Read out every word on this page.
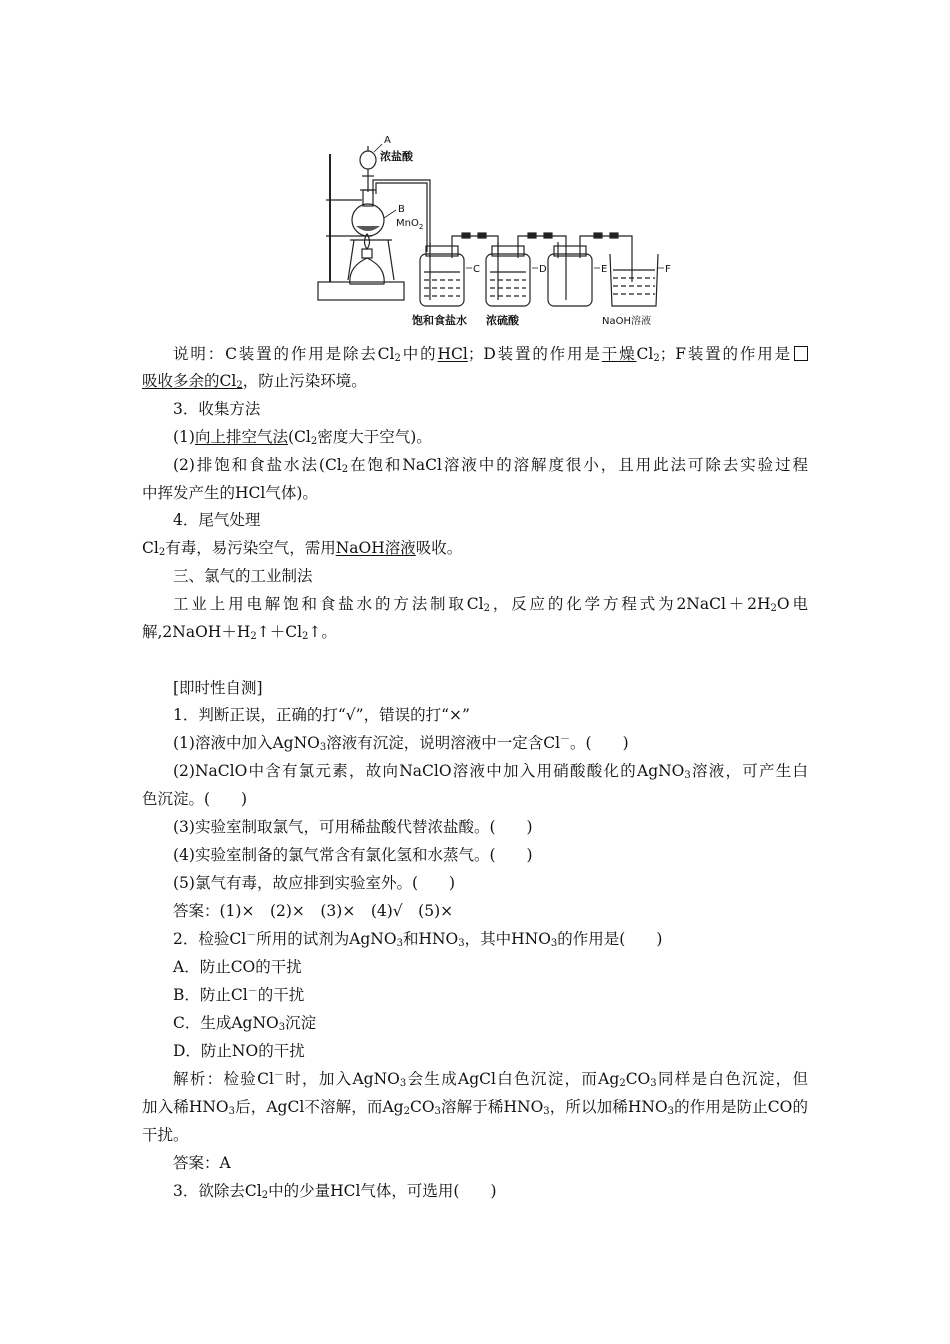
A
浓盐酸
B
MnO$_2$
C	D	E	F
饱和食盐水 浓硫酸	NaOH溶液
说明：C装置的作用是除去$Cl_2$中的HCl；D装置的作用是干燥$Cl_2$；F装置的作用是
吸收多余的$Cl_2$，防止污染环境。
3．收集方法
(1)向上排空气法($Cl_2$密度大于空气)。
(2)排饱和食盐水法($Cl_2$在饱和NaCl溶液中的溶解度很小，且用此法可除去实验过程
中挥发产生的HCl气体)。
4．尾气处理
$Cl_2$有毒，易污染空气，需用NaOH溶液吸收。
三、氯气的工业制法
工业上用电解饱和食盐水的方法制取$Cl_2$，反应的化学方程式为$2NaCl+2H_2O$电
解$,2NaOH+H_2↑+Cl_2↑$。
[即时性自测]
1．判断正误，正确的打“√”，错误的打“×”
(1)溶液中加入AgNO$_3$溶液有沉淀，说明溶液中一定含Cl－。(　　)
(2)NaClO中含有氯元素，故向NaClO溶液中加入用硝酸酸化的AgNO$_3$溶液，可产生白
色沉淀。(　　)
(3)实验室制取氯气，可用稀盐酸代替浓盐酸。(　　)
(4)实验室制备的氯气常含有氯化氢和水蒸气。(　　)
(5)氯气有毒，故应排到实验室外。(　　)
答案：(1)×　(2)×　(3)×　(4)√　(5)×
2．检验Cl－所用的试剂为AgNO$_3$和$HNO_3$，其中$HNO_3$的作用是(　　)
A．防止CO的干扰
B．防止Cl－的干扰
C．生成AgNO$_3$沉淀
D．防止NO的干扰
解析：检验Cl－时，加入AgNO$_3$会生成AgCl白色沉淀，而$Ag_2CO_3$同样是白色沉淀，但
加入稀$HNO_3$后，AgCl不溶解，而$Ag_2CO_3$溶解于稀$HNO_3$，所以加稀$HNO_3$的作用是防止CO的
干扰。
答案：A
3．欲除去$Cl_2$中的少量HCl气体，可选用(　　)
